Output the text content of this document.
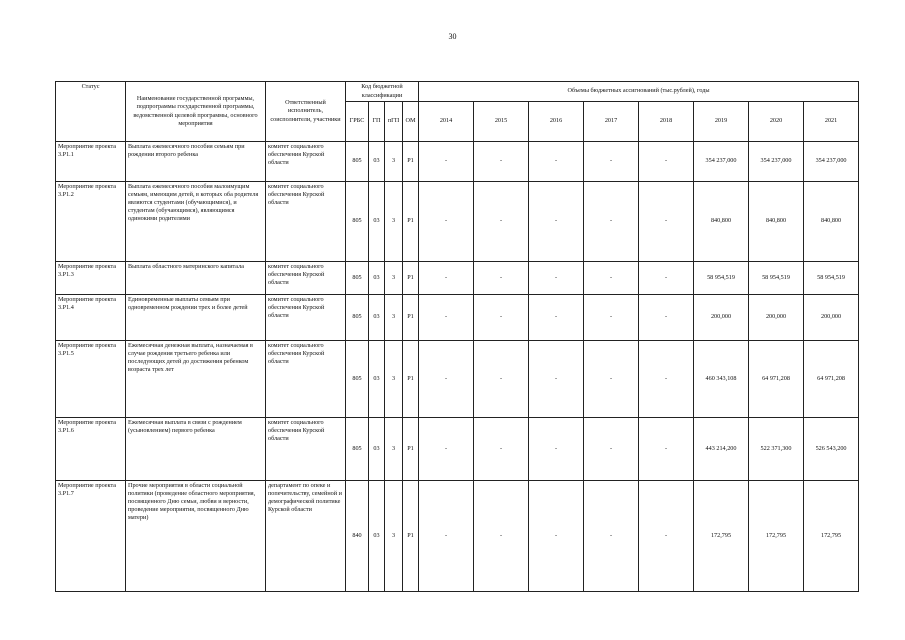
30
Статус	Наименование государственной программы, подпрограммы государственной программы, ведомственной целевой программы, основного мероприятия	Ответственный исполнитель, соисполнители, участники	Код бюджетной классификации				Объемы бюджетных ассигнований (тыс.рублей), годы							
			ГРБС	ГП	пГП	ОМ	2014	2015	2016	2017	2018	2019	2020	2021
Мероприятие проекта 3.Р1.1	Выплата ежемесячного пособия семьям при рождении второго ребенка	комитет социального обеспечения Курской области	805	03	3	Р1	-	-	-	-	-	354 237,000	354 237,000	354 237,000
Мероприятие проекта 3.Р1.2	Выплата ежемесячного пособия малоимущим семьям, имеющим детей, в которых оба родителя являются студентами (обучающимися), и студентам (обучающимся), являющимся одинокими родителями	комитет социального обеспечения Курской области	805	03	3	Р1	-	-	-	-	-	840,800	840,800	840,800
Мероприятие проекта 3.Р1.3	Выплата областного материнского капитала	комитет социального обеспечения Курской области	805	03	3	Р1	-	-	-	-	-	58 954,519	58 954,519	58 954,519
Мероприятие проекта 3.Р1.4	Единовременные выплаты семьям при одновременном рождении трех и более детей	комитет социального обеспечения Курской области	805	03	3	Р1	-	-	-	-	-	200,000	200,000	200,000
Мероприятие проекта 3.Р1.5	Ежемесячная денежная выплата, назначаемая в случае рождения третьего ребенка или последующих детей до достижения ребенком возраста трех лет	комитет социального обеспечения Курской области	805	03	3	Р1	-	-	-	-	-	460 343,108	64 971,208	64 971,208
Мероприятие проекта 3.Р1.6	Ежемесячная выплата в связи с рождением (усыновлением) первого ребенка	комитет социального обеспечения Курской области	805	03	3	Р1	-	-	-	-	-	443 214,200	522 371,300	526 543,200
Мероприятие проекта 3.Р1.7	Прочие мероприятия в области социальной политики (проведение областного мероприятия, посвященного Дню семьи, любви и верности, проведение мероприятия, посвященного Дню матери)	департамент по опеке и попечительству, семейной и демографической политике Курской области	840	03	3	Р1	-	-	-	-	-	172,795	172,795	172,795
